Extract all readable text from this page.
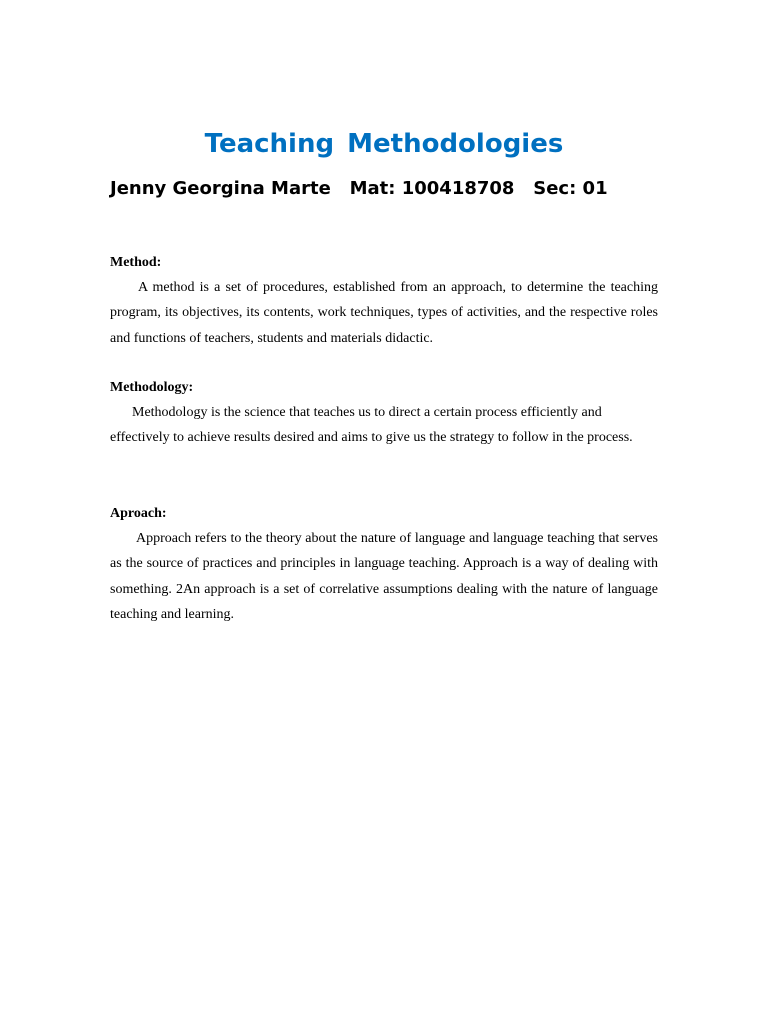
Teaching Methodologies
Jenny Georgina Marte   Mat: 100418708   Sec: 01
Method:

A method is a set of procedures, established from an approach, to determine the teaching program, its objectives, its contents, work techniques, types of activities, and the respective roles and functions of teachers, students and materials didactic.

Methodology:

Methodology is the science that teaches us to direct a certain process efficiently and effectively to achieve results desired and aims to give us the strategy to follow in the process.

Aproach:

Approach refers to the theory about the nature of language and language teaching that serves as the source of practices and principles in language teaching. Approach is a way of dealing with something. 2An approach is a set of correlative assumptions dealing with the nature of language teaching and learning.
